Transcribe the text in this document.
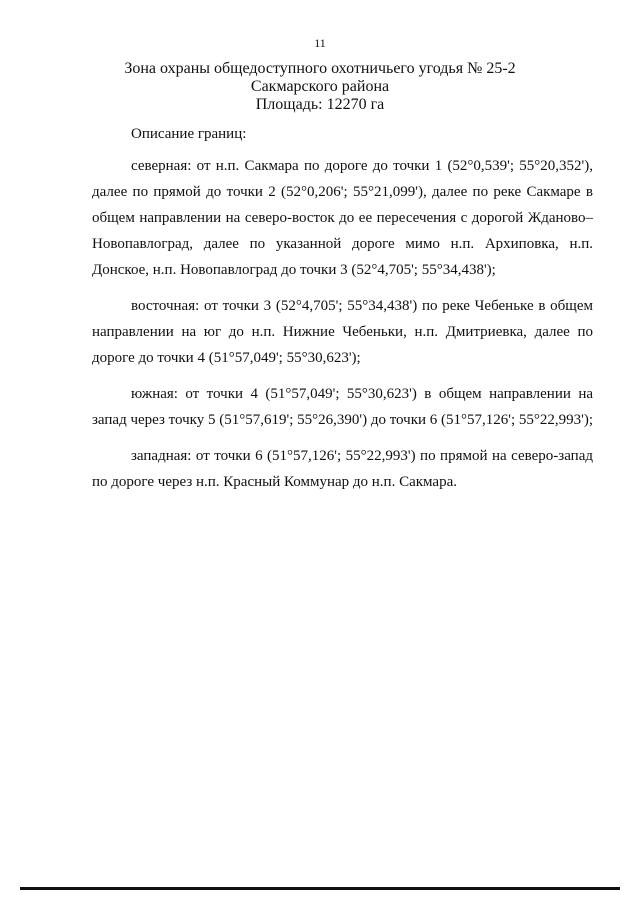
11
Зона охраны общедоступного охотничьего угодья № 25-2
Сакмарского района
Площадь: 12270 га

Описание границ:

северная: от н.п. Сакмара по дороге до точки 1 (52°0,539'; 55°20,352'), далее по прямой до точки 2 (52°0,206'; 55°21,099'), далее по реке Сакмаре в общем направлении на северо-восток до ее пересечения с дорогой Жданово–Новопавлоград, далее по указанной дороге мимо н.п. Архиповка, н.п. Донское, н.п. Новопавлоград до точки 3 (52°4,705'; 55°34,438');

восточная: от точки 3 (52°4,705'; 55°34,438') по реке Чебеньке в общем направлении на юг до н.п. Нижние Чебеньки, н.п. Дмитриевка, далее по дороге до точки 4 (51°57,049'; 55°30,623');

южная: от точки 4 (51°57,049'; 55°30,623') в общем направлении на запад через точку 5 (51°57,619'; 55°26,390') до точки 6 (51°57,126'; 55°22,993');

западная: от точки 6 (51°57,126'; 55°22,993') по прямой на северо-запад по дороге через н.п. Красный Коммунар до н.п. Сакмара.
